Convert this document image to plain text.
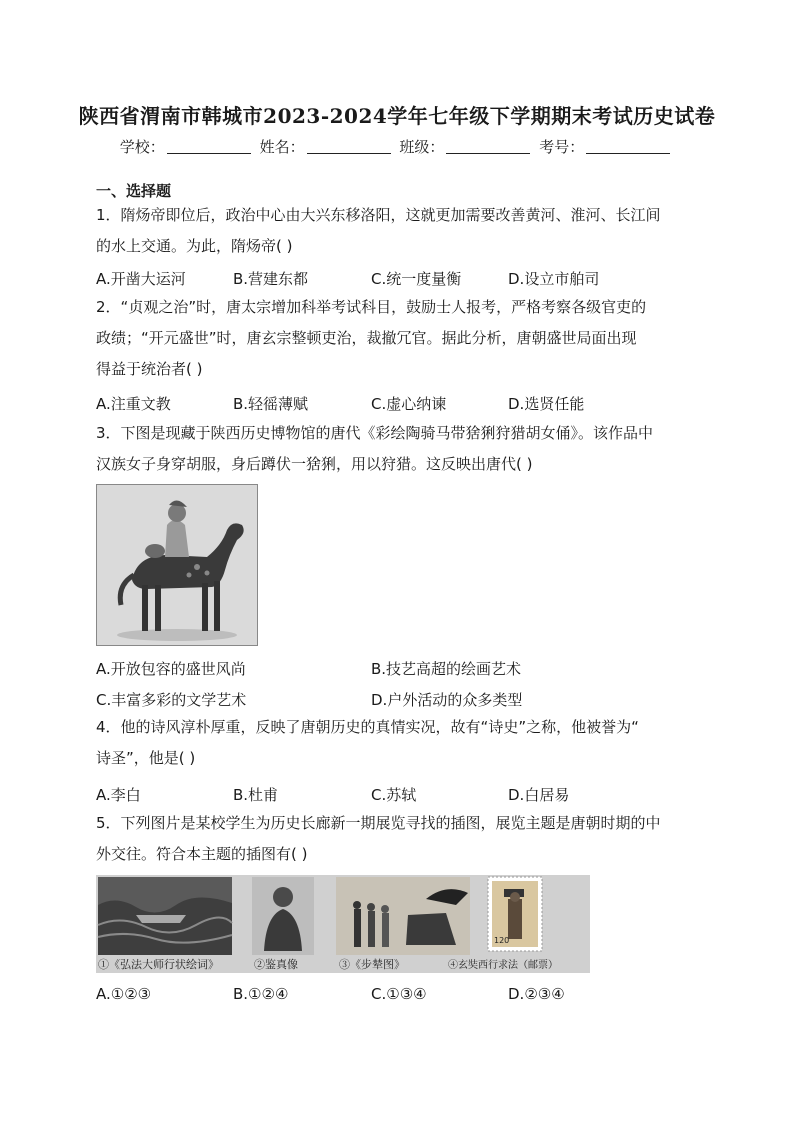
陕西省渭南市韩城市2023-2024学年七年级下学期期末考试历史试卷
学校：	姓名：	班级：	考号：
一、选择题
1．隋炀帝即位后，政治中心由大兴东移洛阳，这就更加需要改善黄河、淮河、长江间
的水上交通。为此，隋炀帝( )
A.开凿大运河	B.营建东都	C.统一度量衡	D.设立市舶司
2．“贞观之治”时，唐太宗增加科举考试科目，鼓励士人报考，严格考察各级官吏的
政绩；“开元盛世”时，唐玄宗整顿吏治，裁撤冗官。据此分析，唐朝盛世局面出现
得益于统治者( )
A.注重文教	B.轻徭薄赋	C.虚心纳谏	D.选贤任能
3．下图是现藏于陕西历史博物馆的唐代《彩绘陶骑马带猞猁狩猎胡女俑》。该作品中
汉族女子身穿胡服，身后蹲伏一猞猁，用以狩猎。这反映出唐代( )
A.开放包容的盛世风尚	B.技艺高超的绘画艺术
C.丰富多彩的文学艺术	D.户外活动的众多类型
4．他的诗风淳朴厚重，反映了唐朝历史的真情实况，故有“诗史”之称，他被誉为“
诗圣”，他是( )
A.李白	B.杜甫	C.苏轼	D.白居易
5．下列图片是某校学生为历史长廊新一期展览寻找的插图，展览主题是唐朝时期的中
外交往。符合本主题的插图有( )
120
①《弘法大师行状绘词》	②鉴真像	③《步辇图》	④玄奘西行求法（邮票）
A.①②③	B.①②④	C.①③④	D.②③④
